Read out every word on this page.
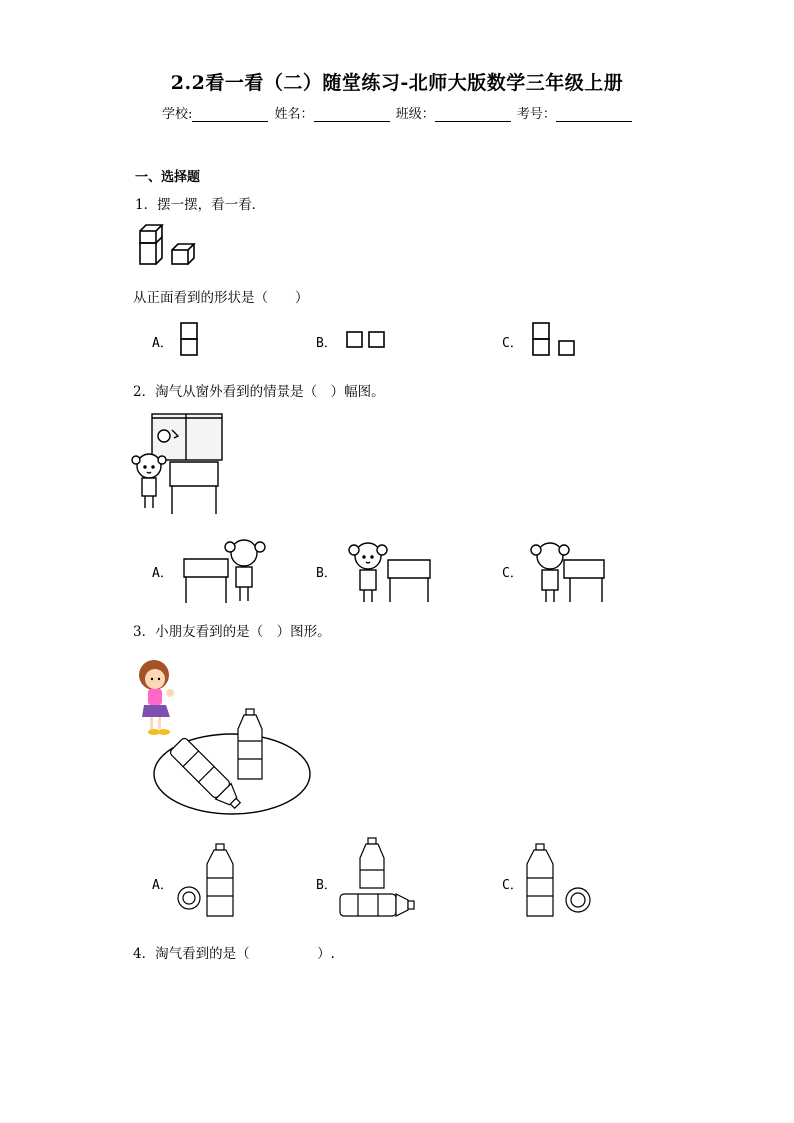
2.2看一看（二）随堂练习-北师大版数学三年级上册
学校:	姓名：	班级：	考号：
一、选择题
1．摆一摆，看一看．
从正面看到的形状是（　　）
A．	B．	C．
2．淘气从窗外看到的情景是（　）幅图。
A．	B．	C．
3．小朋友看到的是（　）图形。
A．	B．	C．
4．淘气看到的是（　　　　　）.
